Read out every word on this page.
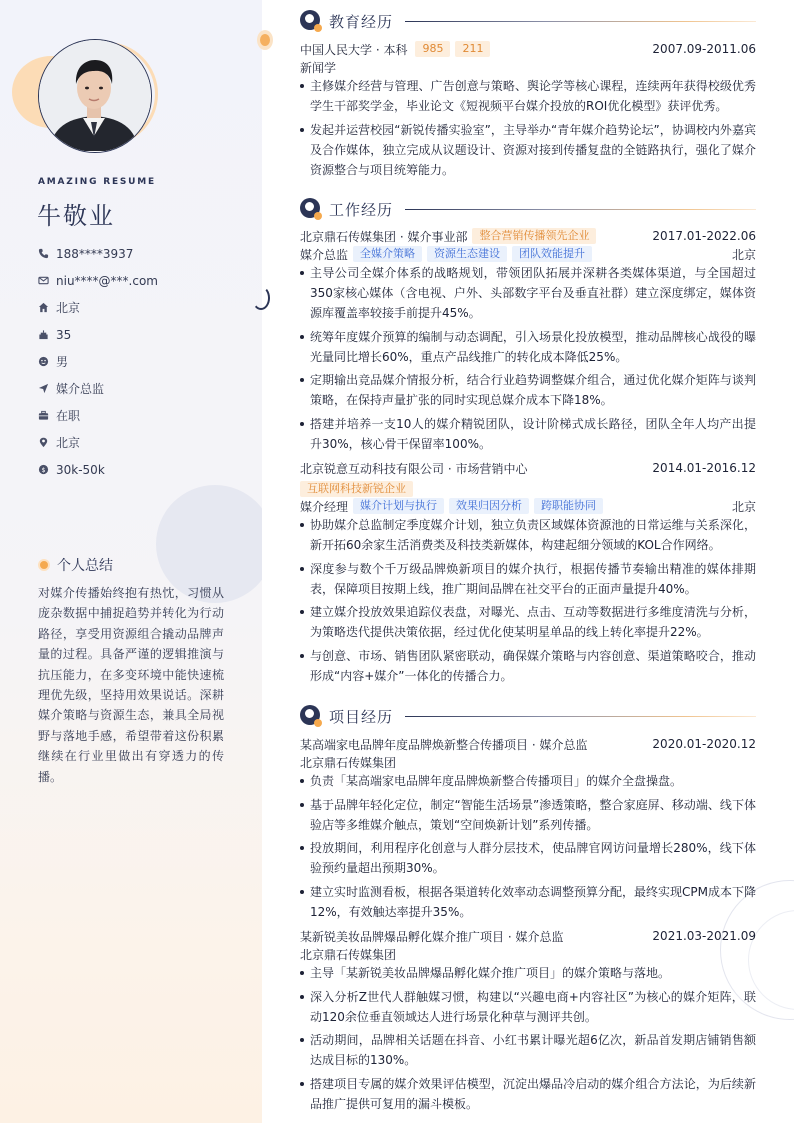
AMAZING RESUME
牛敬业
188****3937
niu****@***.com
北京
35
男
媒介总监
在职
北京
$ 30k-50k
个人总结

对媒介传播始终抱有热忱，习惯从庞杂数据中捕捉趋势并转化为行动路径，享受用资源组合撬动品牌声量的过程。具备严谨的逻辑推演与抗压能力，在多变环境中能快速梳理优先级，坚持用效果说话。深耕媒介策略与资源生态，兼具全局视野与落地手感，希望带着这份积累继续在行业里做出有穿透力的传播。

教育经历
中国人民大学 · 本科	985	211	2007.09-2011.06
新闻学
主修媒介经营与管理、广告创意与策略、舆论学等核心课程，连续两年获得校级优秀学生干部奖学金，毕业论文《短视频平台媒介投放的ROI优化模型》获评优秀。
发起并运营校园“新锐传播实验室”，主导举办“青年媒介趋势论坛”，协调校内外嘉宾及合作媒体，独立完成从议题设计、资源对接到传播复盘的全链路执行，强化了媒介资源整合与项目统筹能力。
工作经历
北京鼎石传媒集团 · 媒介事业部	整合营销传播领先企业	2017.01-2022.06
媒介总监	全媒介策略	资源生态建设	团队效能提升	北京
主导公司全媒介体系的战略规划，带领团队拓展并深耕各类媒体渠道，与全国超过350家核心媒体（含电视、户外、头部数字平台及垂直社群）建立深度绑定，媒体资源库覆盖率较接手前提升45%。
统筹年度媒介预算的编制与动态调配，引入场景化投放模型，推动品牌核心战役的曝光量同比增长60%，重点产品线推广的转化成本降低25%。
定期输出竞品媒介情报分析，结合行业趋势调整媒介组合，通过优化媒介矩阵与谈判策略，在保持声量扩张的同时实现总媒介成本下降18%。
搭建并培养一支10人的媒介精锐团队，设计阶梯式成长路径，团队全年人均产出提升30%，核心骨干保留率100%。
北京锐意互动科技有限公司 · 市场营销中心	2014.01-2016.12
互联网科技新锐企业
媒介经理	媒介计划与执行	效果归因分析	跨职能协同	北京
协助媒介总监制定季度媒介计划，独立负责区域媒体资源池的日常运维与关系深化，新开拓60余家生活消费类及科技类新媒体，构建起细分领域的KOL合作网络。
深度参与数个千万级品牌焕新项目的媒介执行，根据传播节奏输出精准的媒体排期表，保障项目按期上线，推广期间品牌在社交平台的正面声量提升40%。
建立媒介投放效果追踪仪表盘，对曝光、点击、互动等数据进行多维度清洗与分析，为策略迭代提供决策依据，经过优化使某明星单品的线上转化率提升22%。
与创意、市场、销售团队紧密联动，确保媒介策略与内容创意、渠道策略咬合，推动形成“内容+媒介”一体化的传播合力。
项目经历
某高端家电品牌年度品牌焕新整合传播项目 · 媒介总监	2020.01-2020.12
北京鼎石传媒集团
负责「某高端家电品牌年度品牌焕新整合传播项目」的媒介全盘操盘。
基于品牌年轻化定位，制定“智能生活场景”渗透策略，整合家庭屏、移动端、线下体验店等多维媒介触点，策划“空间焕新计划”系列传播。
投放期间，利用程序化创意与人群分层技术，使品牌官网访问量增长280%，线下体验预约量超出预期30%。
建立实时监测看板，根据各渠道转化效率动态调整预算分配，最终实现CPM成本下降12%，有效触达率提升35%。
某新锐美妆品牌爆品孵化媒介推广项目 · 媒介总监	2021.03-2021.09
北京鼎石传媒集团
主导「某新锐美妆品牌爆品孵化媒介推广项目」的媒介策略与落地。
深入分析Z世代人群触媒习惯，构建以“兴趣电商+内容社区”为核心的媒介矩阵，联动120余位垂直领域达人进行场景化种草与测评共创。
活动期间，品牌相关话题在抖音、小红书累计曝光超6亿次，新品首发期店铺销售额达成目标的130%。
搭建项目专属的媒介效果评估模型，沉淀出爆品冷启动的媒介组合方法论，为后续新品推广提供可复用的漏斗模板。
